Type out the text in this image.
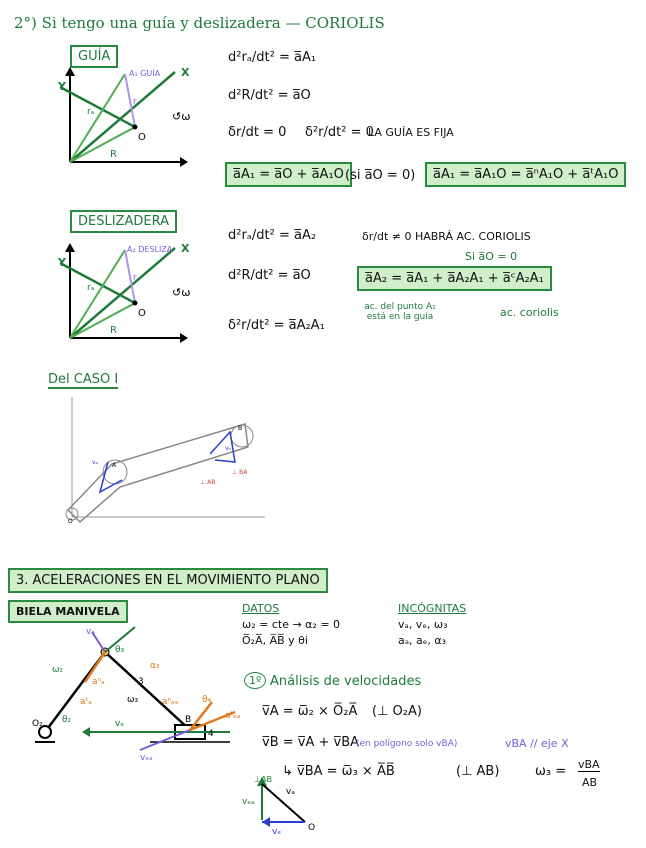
2°) Si tengo una guía y deslizadera — CORIOLIS
GUÍA
Y
X
A₁ GUÍA
rₐ
r
R
O
↺ω
d²rₐ/dt² = a̅A₁
d²R/dt² = a̅O
δr/dt = 0 δ²r/dt² = 0
LA GUÍA ES FIJA
a̅A₁ = a̅O + a̅A₁O (si a̅O = 0)	a̅A₁ = a̅A₁O = a̅ⁿA₁O + a̅ᵗA₁O
DESLIZADERA
Y
X
A₂ DESLIZA
rₐ
r
R
O
↺ω
d²rₐ/dt² = a̅A₂
d²R/dt² = a̅O
δ²r/dt² = a̅A₂A₁
δr/dt ≠ 0 HABRÁ AC. CORIOLIS
Si a̅O = 0
a̅A₂ = a̅A₁ + a̅A₂A₁ + a̅ᶜA₂A₁
ac. del punto A₁ está en la guía	ac. coriolis
Del CASO I
A
B
O
⊥ AB
⊥ BA
vₐ
vₑ
3. ACELERACIONES EN EL MOVIMIENTO PLANO
BIELA MANIVELA
vₐ
θ₃
α₃
ω₂
aⁿₐ
aᵗₐ
3
ω₃
O₂ θ₂	vₑ
aⁿₑₐ	θ₄
aᵗₑₐ
vₑₐ
4
B
DATOS
ω₂ = cte → α₂ = 0
O̅₂A̅, A̅B̅ y θi
INCÓGNITAS
vₐ, vₑ, ω₃
aₐ, aₑ, α₃
1º Análisis de velocidades
v̅A = ω̅₂ × O̅₂A̅ (⊥ O₂A)
v̅B = v̅A + v̅BA
(en polígono solo vBA)	vBA // eje X
↳ v̅BA = ω̅₃ × A̅B̅	(⊥ AB)	ω₃ = vBA
AB
⊥AB
vₐ
vₑₐ
vₑ	O
